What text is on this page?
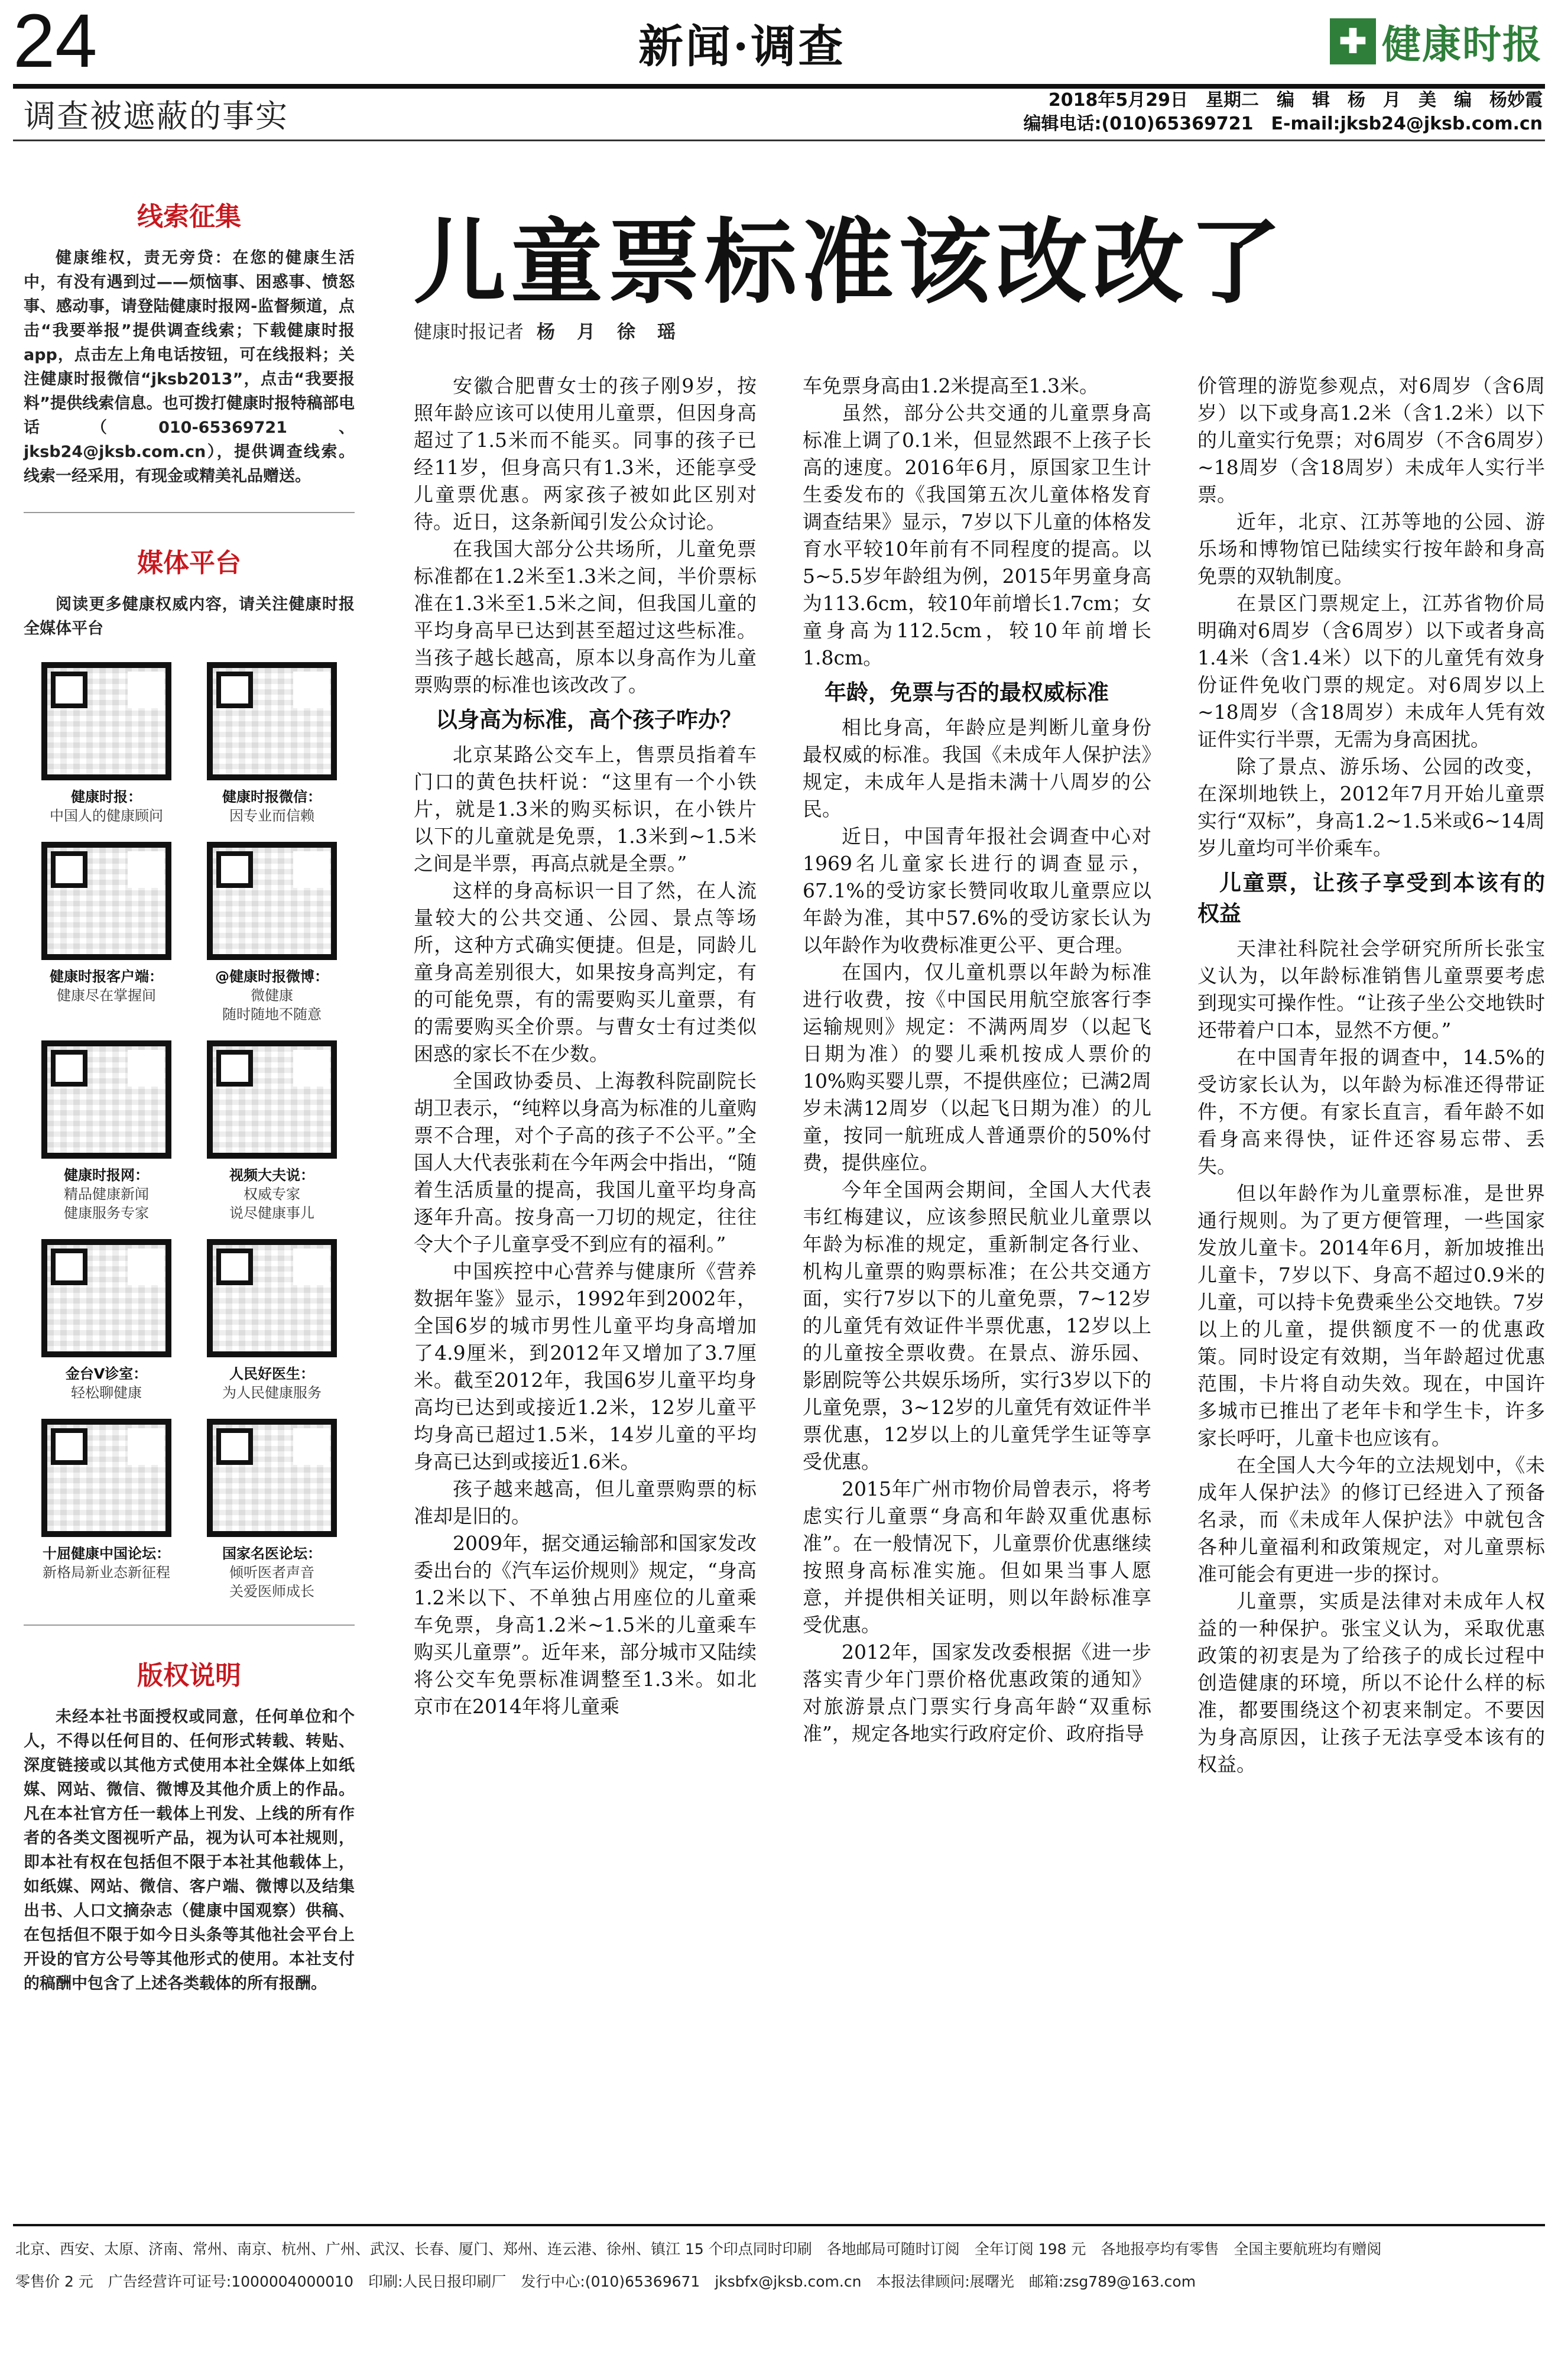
24	新闻·调查	✚ 健康时报
调查被遮蔽的事实	2018年5月29日　星期二　编　辑　杨　月　美　编　杨妙霞
编辑电话:(010)65369721　E-mail:jksb24@jksb.com.cn
线索征集
健康维权，责无旁贷：在您的健康生活中，有没有遇到过——烦恼事、困惑事、愤怒事、感动事，请登陆健康时报网-监督频道，点击“我要举报”提供调查线索；下载健康时报app，点击左上角电话按钮，可在线报料；关注健康时报微信“jksb2013”，点击“我要报料”提供线索信息。也可拨打健康时报特稿部电话（010-65369721、jksb24@jksb.com.cn），提供调查线索。线索一经采用，有现金或精美礼品赠送。
媒体平台
阅读更多健康权威内容，请关注健康时报全媒体平台
健康时报：
中国人的健康顾问
健康时报微信：
因专业而信赖
健康时报客户端：
健康尽在掌握间
@健康时报微博：
微健康
随时随地不随意
健康时报网：
精品健康新闻
健康服务专家
视频大夫说：
权威专家
说尽健康事儿
金台V诊室：
轻松聊健康
人民好医生：
为人民健康服务
十屈健康中国论坛：
新格局新业态新征程
国家名医论坛：
倾听医者声音
关爱医师成长
版权说明
未经本社书面授权或同意，任何单位和个人，不得以任何目的、任何形式转载、转贴、深度链接或以其他方式使用本社全媒体上如纸媒、网站、微信、微博及其他介质上的作品。凡在本社官方任一载体上刊发、上线的所有作者的各类文图视听产品，视为认可本社规则，即本社有权在包括但不限于本社其他载体上，如纸媒、网站、微信、客户端、微博以及结集出书、人口文摘杂志（健康中国观察）供稿、在包括但不限于如今日头条等其他社会平台上开设的官方公号等其他形式的使用。本社支付的稿酬中包含了上述各类载体的所有报酬。
儿童票标准该改改了
健康时报记者 杨　月　徐　瑶

安徽合肥曹女士的孩子刚9岁，按照年龄应该可以使用儿童票，但因身高超过了1.5米而不能买。同事的孩子已经11岁，但身高只有1.3米，还能享受儿童票优惠。两家孩子被如此区别对待。近日，这条新闻引发公众讨论。

在我国大部分公共场所，儿童免票标准都在1.2米至1.3米之间，半价票标准在1.3米至1.5米之间，但我国儿童的平均身高早已达到甚至超过这些标准。当孩子越长越高，原本以身高作为儿童票购票的标准也该改改了。

以身高为标准，高个孩子咋办？

北京某路公交车上，售票员指着车门口的黄色扶杆说：“这里有一个小铁片，就是1.3米的购买标识，在小铁片以下的儿童就是免票，1.3米到~1.5米之间是半票，再高点就是全票。”

这样的身高标识一目了然，在人流量较大的公共交通、公园、景点等场所，这种方式确实便捷。但是，同龄儿童身高差别很大，如果按身高判定，有的可能免票，有的需要购买儿童票，有的需要购买全价票。与曹女士有过类似困惑的家长不在少数。

全国政协委员、上海教科院副院长胡卫表示，“纯粹以身高为标准的儿童购票不合理，对个子高的孩子不公平。”全国人大代表张莉在今年两会中指出，“随着生活质量的提高，我国儿童平均身高逐年升高。按身高一刀切的规定，往往令大个子儿童享受不到应有的福利。”

中国疾控中心营养与健康所《营养数据年鉴》显示，1992年到2002年，全国6岁的城市男性儿童平均身高增加了4.9厘米，到2012年又增加了3.7厘米。截至2012年，我国6岁儿童平均身高均已达到或接近1.2米，12岁儿童平均身高已超过1.5米，14岁儿童的平均身高已达到或接近1.6米。

孩子越来越高，但儿童票购票的标准却是旧的。

2009年，据交通运输部和国家发改委出台的《汽车运价规则》规定，“身高1.2米以下、不单独占用座位的儿童乘车免票，身高1.2米~1.5米的儿童乘车购买儿童票”。近年来，部分城市又陆续将公交车免票标准调整至1.3米。如北京市在2014年将儿童乘

车免票身高由1.2米提高至1.3米。

虽然，部分公共交通的儿童票身高标准上调了0.1米，但显然跟不上孩子长高的速度。2016年6月，原国家卫生计生委发布的《我国第五次儿童体格发育调查结果》显示，7岁以下儿童的体格发育水平较10年前有不同程度的提高。以5~5.5岁年龄组为例，2015年男童身高为113.6cm，较10年前增长1.7cm；女童身高为112.5cm，较10年前增长1.8cm。

年龄，免票与否的最权威标准

相比身高，年龄应是判断儿童身份最权威的标准。我国《未成年人保护法》规定，未成年人是指未满十八周岁的公民。

近日，中国青年报社会调查中心对1969名儿童家长进行的调查显示，67.1%的受访家长赞同收取儿童票应以年龄为准，其中57.6%的受访家长认为以年龄作为收费标准更公平、更合理。

在国内，仅儿童机票以年龄为标准进行收费，按《中国民用航空旅客行李运输规则》规定：不满两周岁（以起飞日期为准）的婴儿乘机按成人票价的10%购买婴儿票，不提供座位；已满2周岁未满12周岁（以起飞日期为准）的儿童，按同一航班成人普通票价的50%付费，提供座位。

今年全国两会期间，全国人大代表韦红梅建议，应该参照民航业儿童票以年龄为标准的规定，重新制定各行业、机构儿童票的购票标准；在公共交通方面，实行7岁以下的儿童免票，7~12岁的儿童凭有效证件半票优惠，12岁以上的儿童按全票收费。在景点、游乐园、影剧院等公共娱乐场所，实行3岁以下的儿童免票，3~12岁的儿童凭有效证件半票优惠，12岁以上的儿童凭学生证等享受优惠。

2015年广州市物价局曾表示，将考虑实行儿童票“身高和年龄双重优惠标准”。在一般情况下，儿童票价优惠继续按照身高标准实施。但如果当事人愿意，并提供相关证明，则以年龄标准享受优惠。

2012年，国家发改委根据《进一步落实青少年门票价格优惠政策的通知》对旅游景点门票实行身高年龄“双重标准”，规定各地实行政府定价、政府指导

价管理的游览参观点，对6周岁（含6周岁）以下或身高1.2米（含1.2米）以下的儿童实行免票；对6周岁（不含6周岁）~18周岁（含18周岁）未成年人实行半票。

近年，北京、江苏等地的公园、游乐场和博物馆已陆续实行按年龄和身高免票的双轨制度。

在景区门票规定上，江苏省物价局明确对6周岁（含6周岁）以下或者身高1.4米（含1.4米）以下的儿童凭有效身份证件免收门票的规定。对6周岁以上~18周岁（含18周岁）未成年人凭有效证件实行半票，无需为身高困扰。

除了景点、游乐场、公园的改变，在深圳地铁上，2012年7月开始儿童票实行“双标”，身高1.2~1.5米或6~14周岁儿童均可半价乘车。

儿童票，让孩子享受到本该有的权益

天津社科院社会学研究所所长张宝义认为，以年龄标准销售儿童票要考虑到现实可操作性。“让孩子坐公交地铁时还带着户口本，显然不方便。”

在中国青年报的调查中，14.5%的受访家长认为，以年龄为标准还得带证件，不方便。有家长直言，看年龄不如看身高来得快，证件还容易忘带、丢失。

但以年龄作为儿童票标准，是世界通行规则。为了更方便管理，一些国家发放儿童卡。2014年6月，新加坡推出儿童卡，7岁以下、身高不超过0.9米的儿童，可以持卡免费乘坐公交地铁。7岁以上的儿童，提供额度不一的优惠政策。同时设定有效期，当年龄超过优惠范围，卡片将自动失效。现在，中国许多城市已推出了老年卡和学生卡，许多家长呼吁，儿童卡也应该有。

在全国人大今年的立法规划中，《未成年人保护法》的修订已经进入了预备名录，而《未成年人保护法》中就包含各种儿童福利和政策规定，对儿童票标准可能会有更进一步的探讨。

儿童票，实质是法律对未成年人权益的一种保护。张宝义认为，采取优惠政策的初衷是为了给孩子的成长过程中创造健康的环境，所以不论什么样的标准，都要围绕这个初衷来制定。不要因为身高原因，让孩子无法享受本该有的权益。

北京、西安、太原、济南、常州、南京、杭州、广州、武汉、长春、厦门、郑州、连云港、徐州、镇江 15 个印点同时印刷　各地邮局可随时订阅　全年订阅 198 元　各地报亭均有零售　全国主要航班均有赠阅
零售价 2 元　广告经营许可证号:1000004000010　印刷:人民日报印刷厂　发行中心:(010)65369671　jksbfx@jksb.com.cn　本报法律顾问:展曙光　邮箱:zsg789@163.com
